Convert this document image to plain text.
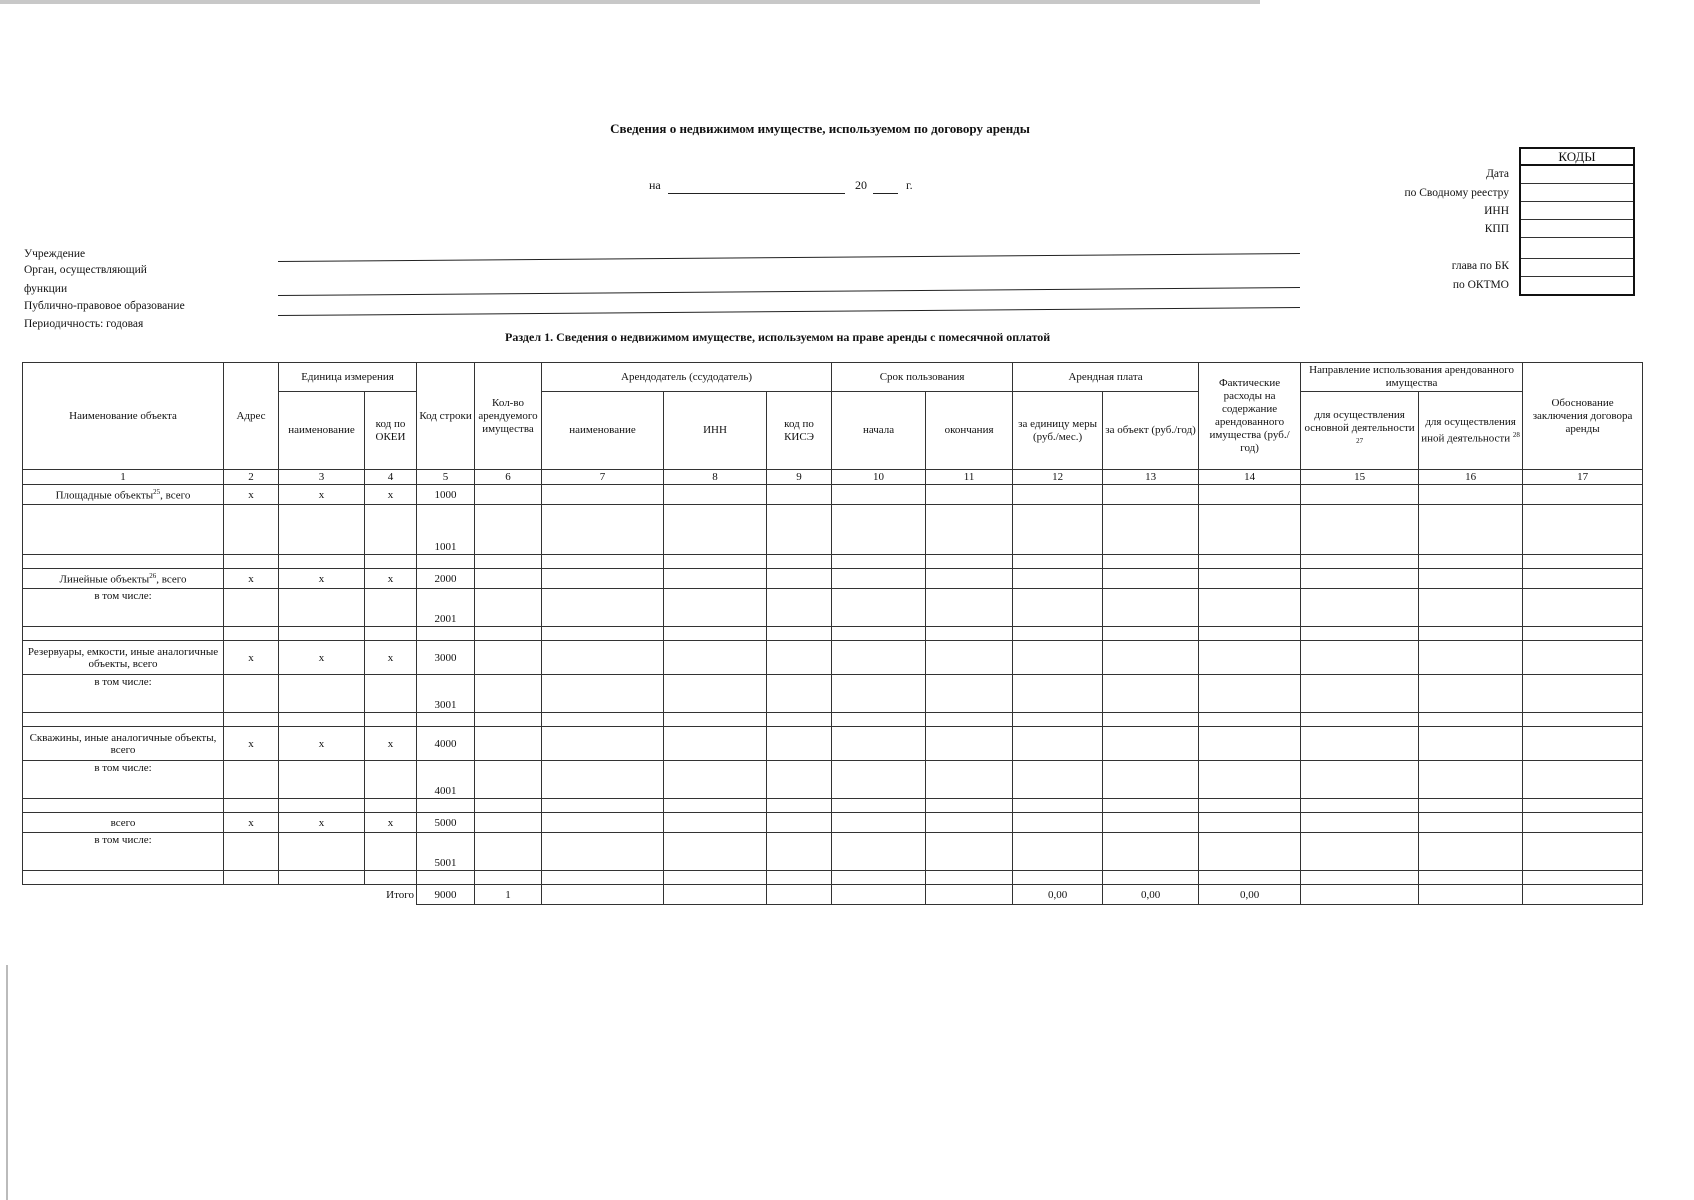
Сведения о недвижимом имуществе, используемом по договору аренды
на	20	г.
Учреждение
Орган, осуществляющий
функции
Публично-правовое образование
Периодичность: годовая
Дата
по Сводному реестру
ИНН
КПП
глава по БК
по ОКТМО
КОДЫ
Раздел 1. Сведения о недвижимом имуществе, используемом на праве аренды с помесячной оплатой
Наименование объекта	Адрес	Единица измерения		Код строки	Кол-во арендуемого имущества	Арендодатель (ссудодатель)			Срок пользования		Арендная плата		Фактические расходы на содержание арендованного имущества (руб./год)	Направление использования арендованного имущества		Обоснование заключения договора аренды
		наименование	код по ОКЕИ			наименование	ИНН	код по КИСЭ	начала	окончания	за единицу меры (руб./мес.)	за объект (руб./год)		для осуществления основной деятельности $^{27}$	для осуществления иной деятельности $^{28}$
1	2	3	4	5	6	7	8	9	10	11	12	13	14	15	16	17
Площадные объекты$^{25}$, всего	x	x	x	1000												
				1001												

Линейные объекты$^{26}$, всего	x	x	x	2000												
в том числе:				2001												

Резервуары, емкости, иные аналогичные объекты, всего	x	x	x	3000												
в том числе:				3001												

Скважины, иные аналогичные объекты, всего	x	x	x	4000												
в том числе:				4001												

всего	x	x	x	5000												
в том числе:				5001												

			Итого	9000	1						0,00	0,00	0,00			
